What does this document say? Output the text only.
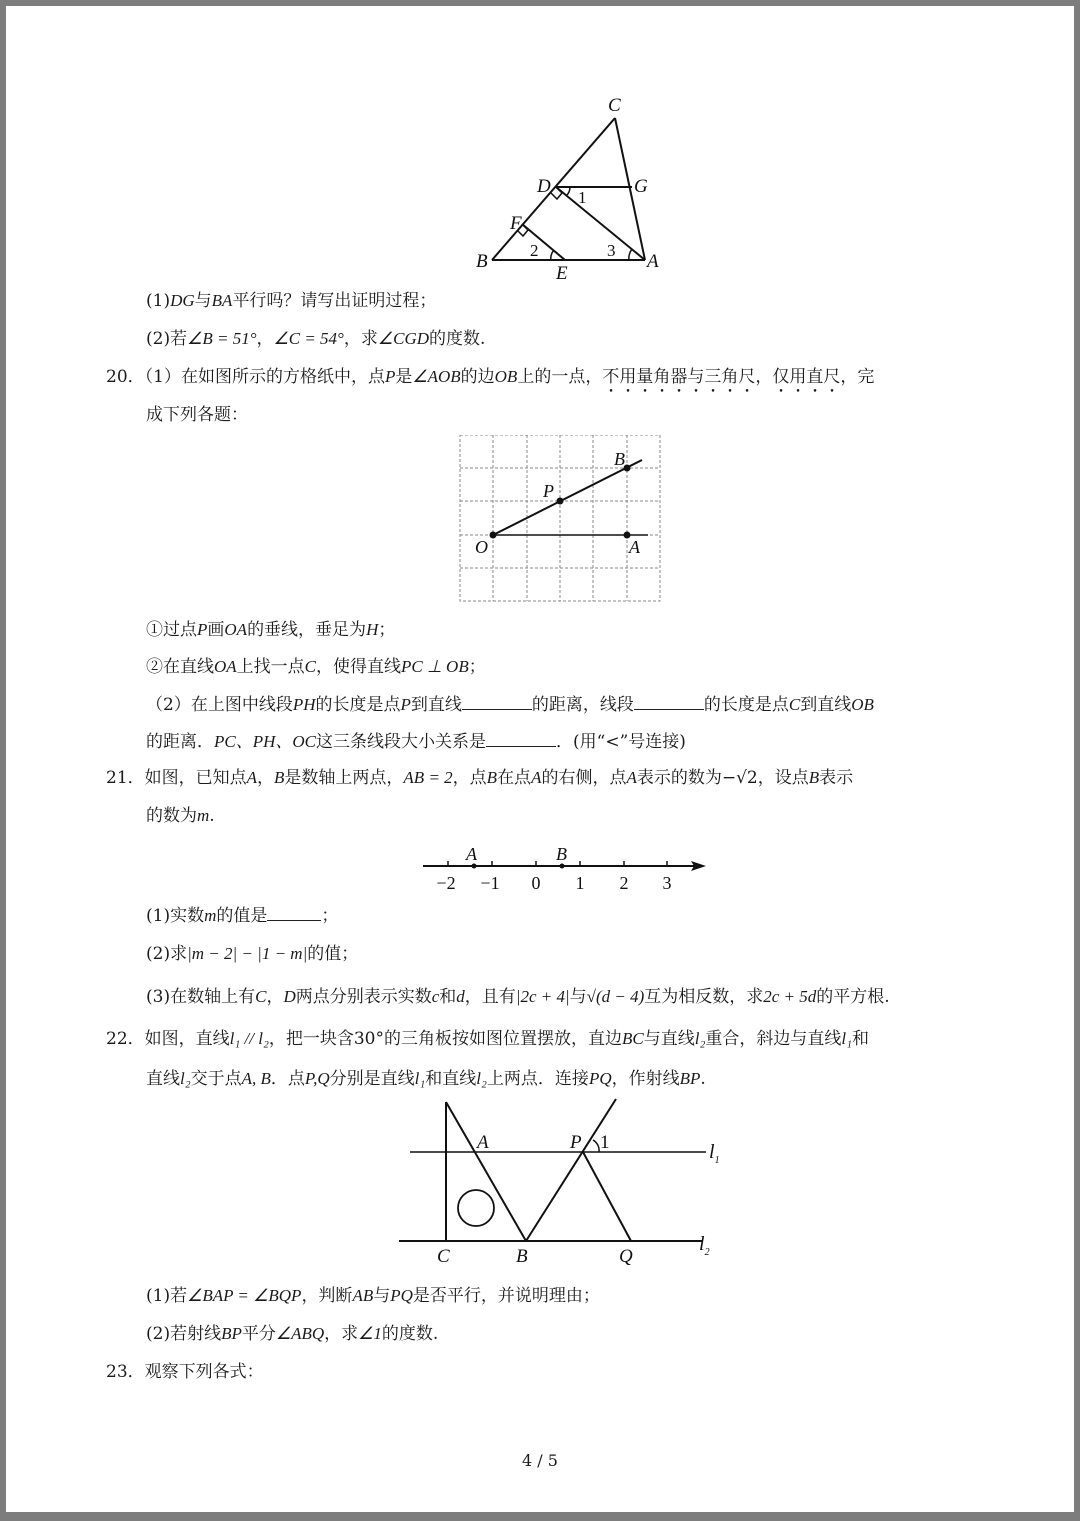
C
D	G
F
B
E
A
1
2	3
(1)DG与BA平行吗？请写出证明过程；
(2)若∠B = 51°，∠C = 54°，求∠CGD的度数.
20．（1）在如图所示的方格纸中，点P是∠AOB的边OB上的一点，不用量角器与三角尺，仅用直尺，完
成下列各题：
O	A
B
P
①过点P画OA的垂线，垂足为H；
②在直线OA上找一点C，使得直线PC ⊥ OB；
（2）在上图中线段PH的长度是点P到直线	的距离，线段	的长度是点C到直线OB
的距离．PC、PH、OC这三条线段大小关系是	．(用“<”号连接)
21．如图，已知点A，B是数轴上两点，AB = 2，点B在点A的右侧，点A表示的数为−√2，设点B表示
的数为m.
A	B
−2 −1 0 1 2 3
(1)实数m的值是	；
(2)求|m − 2| − |1 − m|的值；
(3)在数轴上有C，D两点分别表示实数c和d，且有|2c + 4|与√(d − 4)互为相反数，求2c + 5d的平方根.
22．如图，直线l₁ // l₂，把一块含30°的三角板按如图位置摆放，直边BC与直线l₂重合，斜边与直线l₁和
直线l₂交于点A, B．点P,Q分别是直线l₁和直线l₂上两点．连接PQ，作射线BP.
A	P 1	$l_1$
$l_2$
C	B	Q
(1)若∠BAP = ∠BQP，判断AB与PQ是否平行，并说明理由；
(2)若射线BP平分∠ABQ，求∠1的度数.
23．观察下列各式：
4 / 5
